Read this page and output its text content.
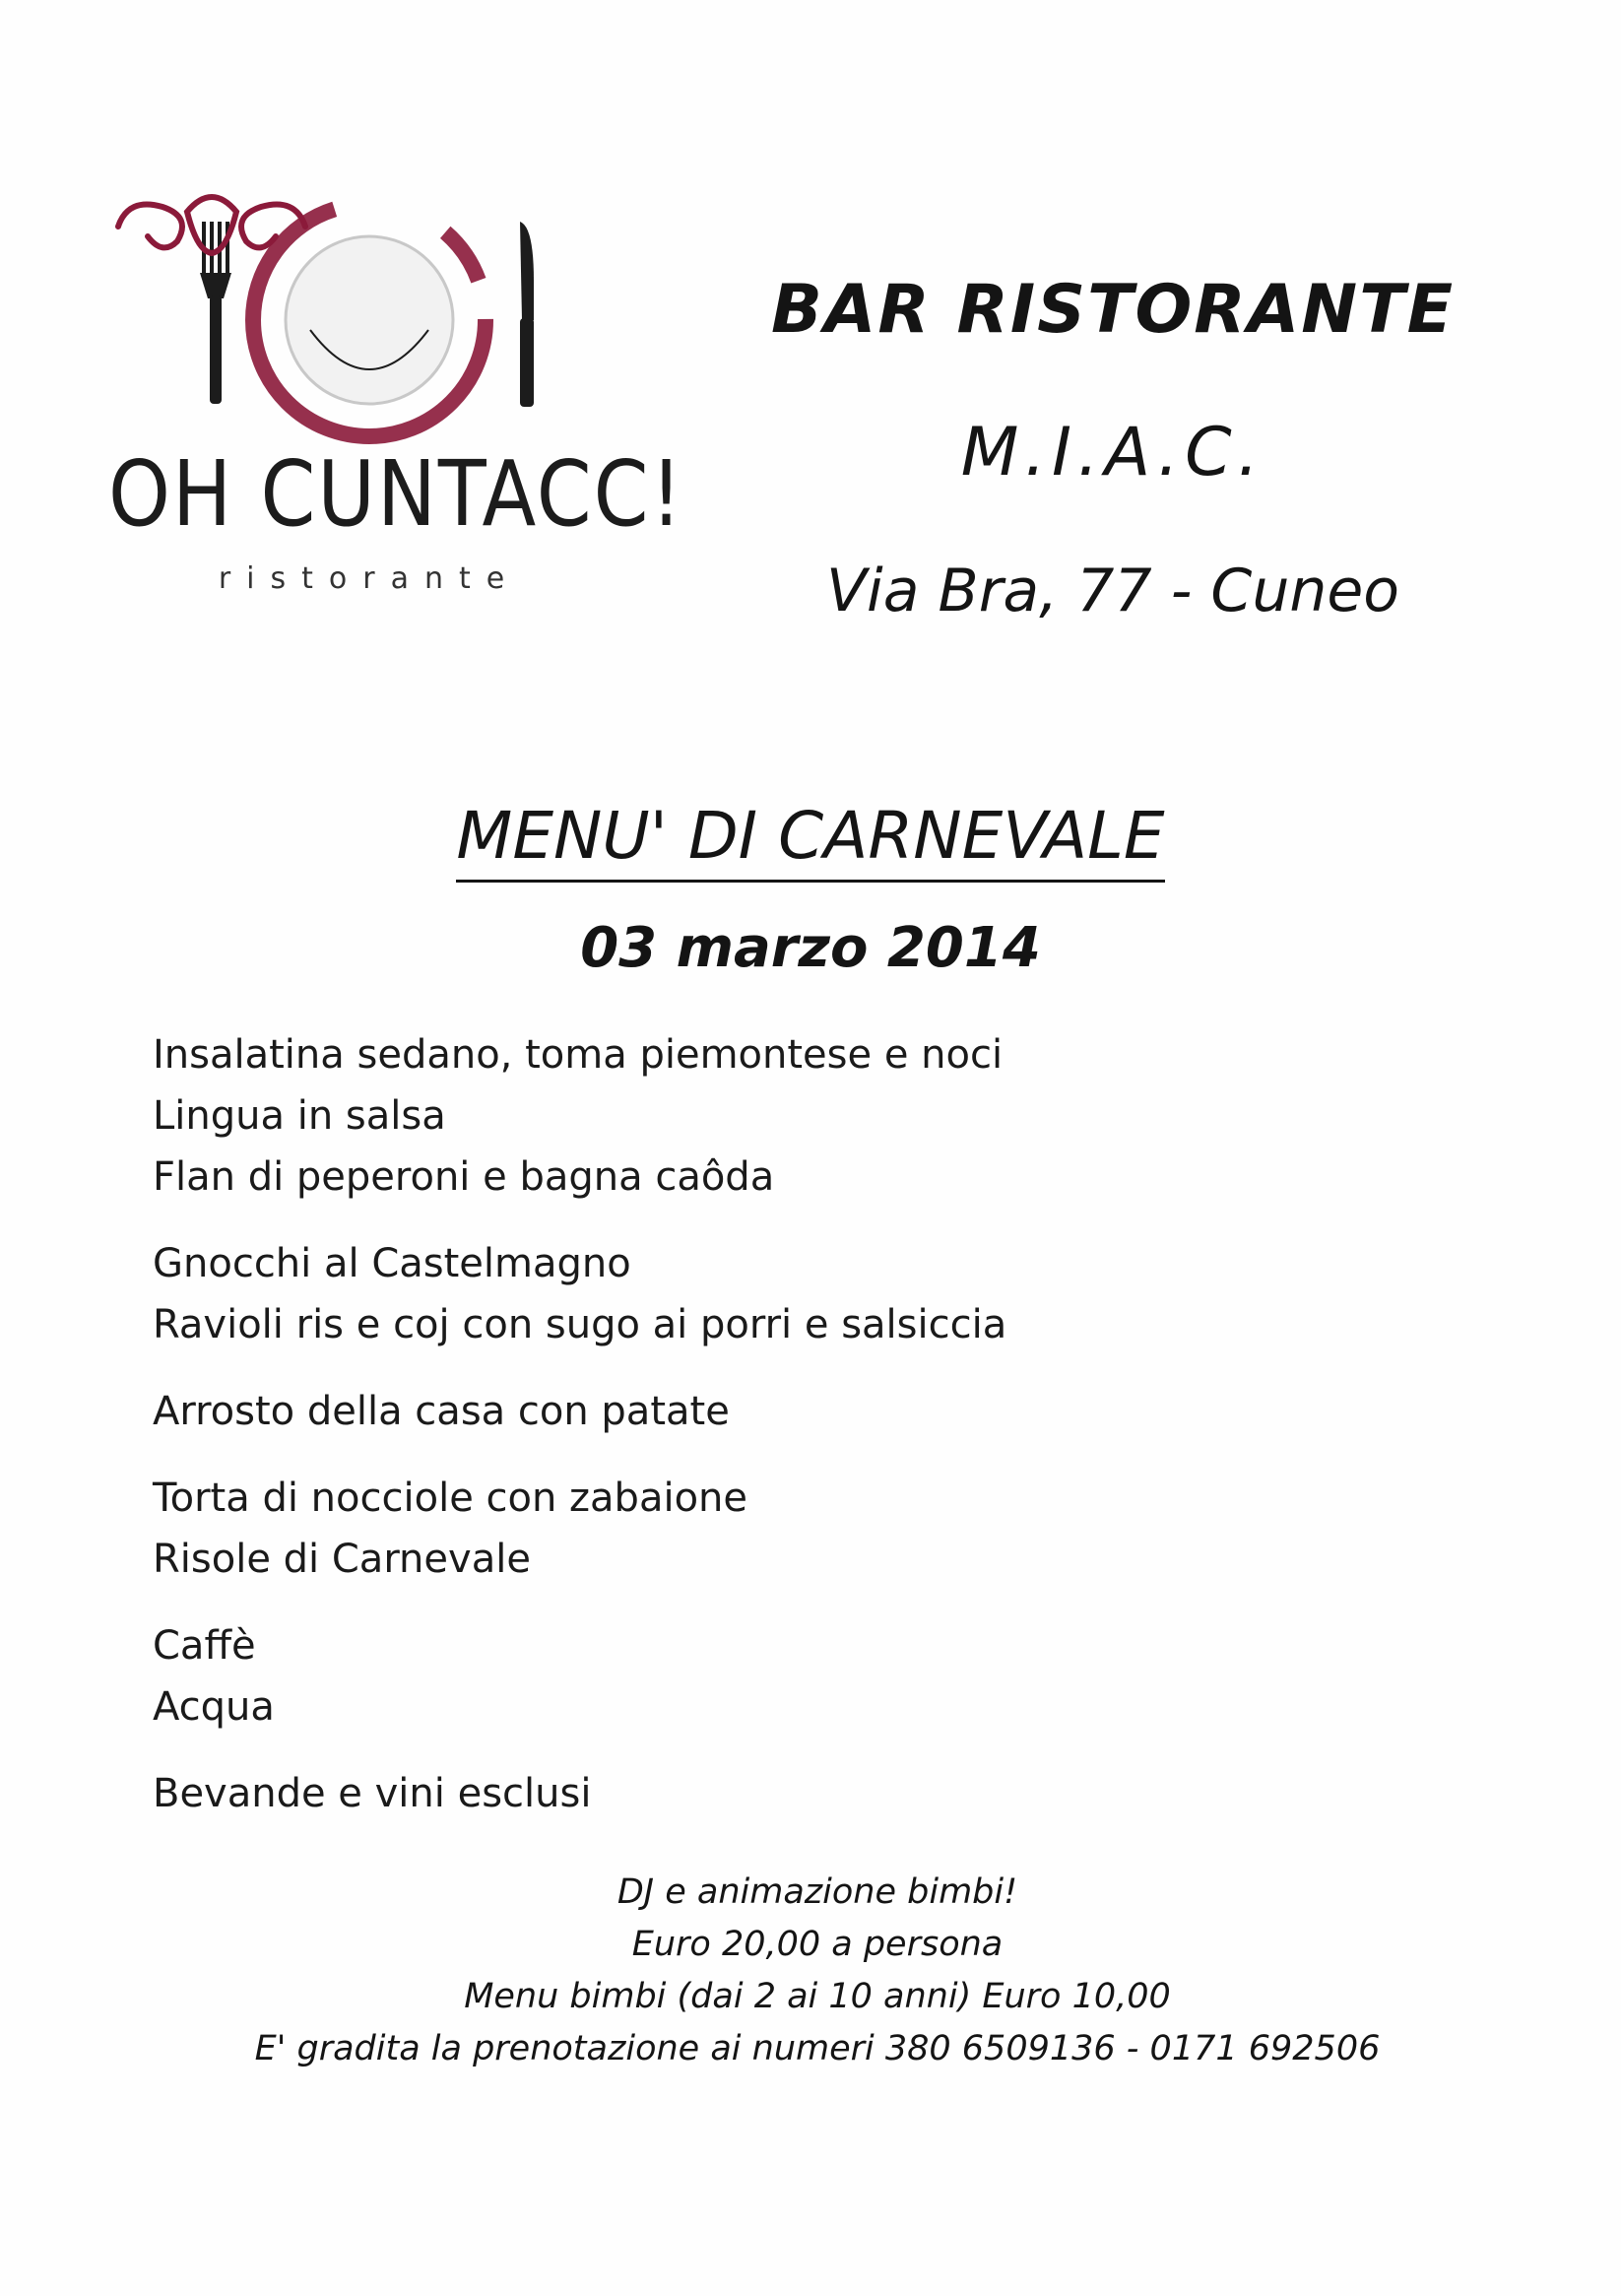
OH CUNTACC!
ristorante
BAR RISTORANTE
M.I.A.C.
Via Bra, 77 - Cuneo
MENU' DI CARNEVALE
03 marzo 2014
Insalatina sedano, toma piemontese e noci
Lingua in salsa
Flan di peperoni e bagna caôda
Gnocchi al Castelmagno
Ravioli ris e coj con sugo ai porri e salsiccia
Arrosto della casa con patate
Torta di nocciole con zabaione
Risole di Carnevale
Caffè
Acqua
Bevande e vini esclusi
DJ e animazione bimbi!
Euro 20,00 a persona
Menu bimbi (dai 2 ai 10 anni) Euro 10,00
E' gradita la prenotazione ai numeri 380 6509136 - 0171 692506
